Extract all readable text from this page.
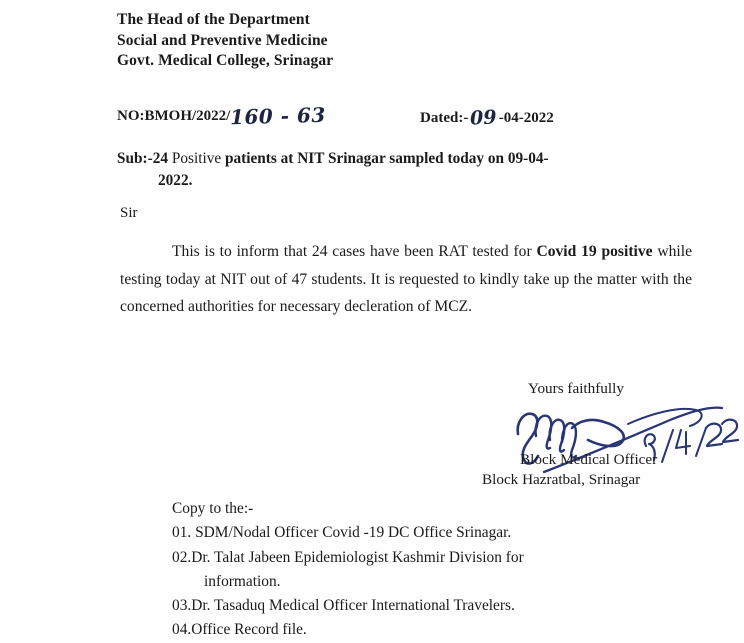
The Head of the Department
Social and Preventive Medicine
Govt. Medical College, Srinagar
NO:BMOH/2022/160 - 63	Dated:-09-04-2022
Sub:-24 Positive patients at NIT Srinagar sampled today on 09-04-
2022.
Sir
This is to inform that 24 cases have been RAT tested for Covid 19 positive while testing today at NIT out of 47 students. It is requested to kindly take up the matter with the concerned authorities for necessary decleration of MCZ.
Yours faithfully
Block Medical Officer
Block Hazratbal, Srinagar
Copy to the:-
01. SDM/Nodal Officer Covid -19 DC Office Srinagar.
02.Dr. Talat Jabeen Epidemiologist Kashmir Division for
information.
03.Dr. Tasaduq Medical Officer International Travelers.
04.Office Record file.
